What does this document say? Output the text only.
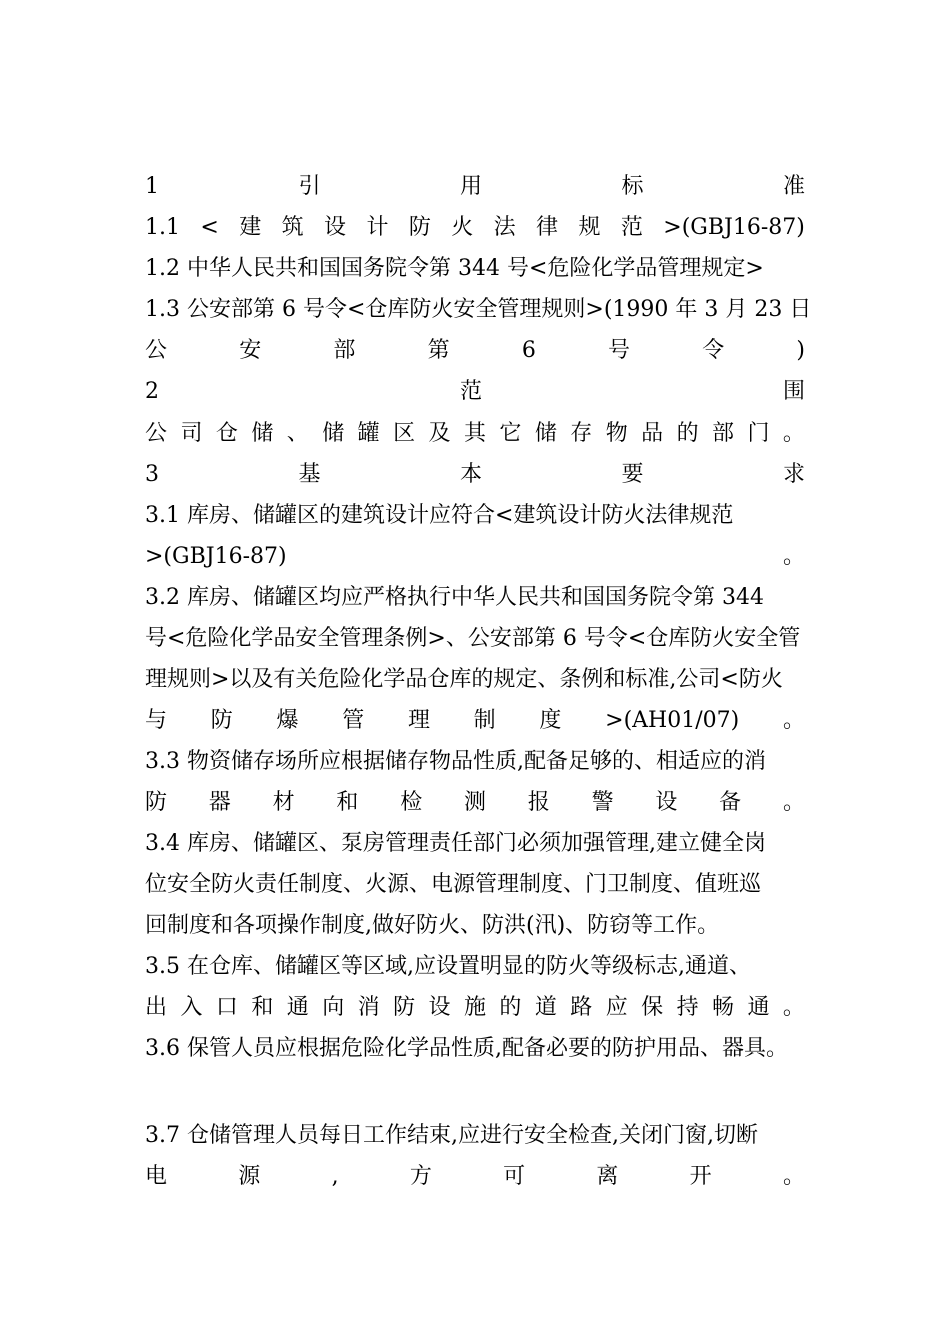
1	引	用	标	准
1.1 < 建 筑 设 计 防 火 法 律 规 范 >(GBJ16-87)
1.2 中华人民共和国国务院令第 344 号<危险化学品管理规定>
1.3 公安部第 6 号令<仓库防火安全管理规则>(1990 年 3 月 23 日
公	安	部	第	6	号	令	)
2	范	围
公 司 仓 储 、 储 罐 区 及 其 它 储 存 物 品 的 部 门 。
3	基	本	要	求
3.1 库房、储罐区的建筑设计应符合<建筑设计防火法律规范
>(GBJ16-87)	。
3.2 库房、储罐区均应严格执行中华人民共和国国务院令第 344
号<危险化学品安全管理条例>、公安部第 6 号令<仓库防火安全管
理规则>以及有关危险化学品仓库的规定、条例和标准,公司<防火
与 防 爆 管 理 制 度 >(AH01/07) 。
3.3 物资储存场所应根据储存物品性质,配备足够的、相适应的消
防 器 材 和 检 测 报 警 设 备 。
3.4 库房、储罐区、泵房管理责任部门必须加强管理,建立健全岗
位安全防火责任制度、火源、电源管理制度、门卫制度、值班巡
回制度和各项操作制度,做好防火、防洪(汛)、防窃等工作。
3.5 在仓库、储罐区等区域,应设置明显的防火等级标志,通道、
出 入 口 和 通 向 消 防 设 施 的 道 路 应 保 持 畅 通 。
3.6 保管人员应根据危险化学品性质,配备必要的防护用品、器具。
3.7 仓储管理人员每日工作结束,应进行安全检查,关闭门窗,切断
电	源	,	方	可	离	开	。
